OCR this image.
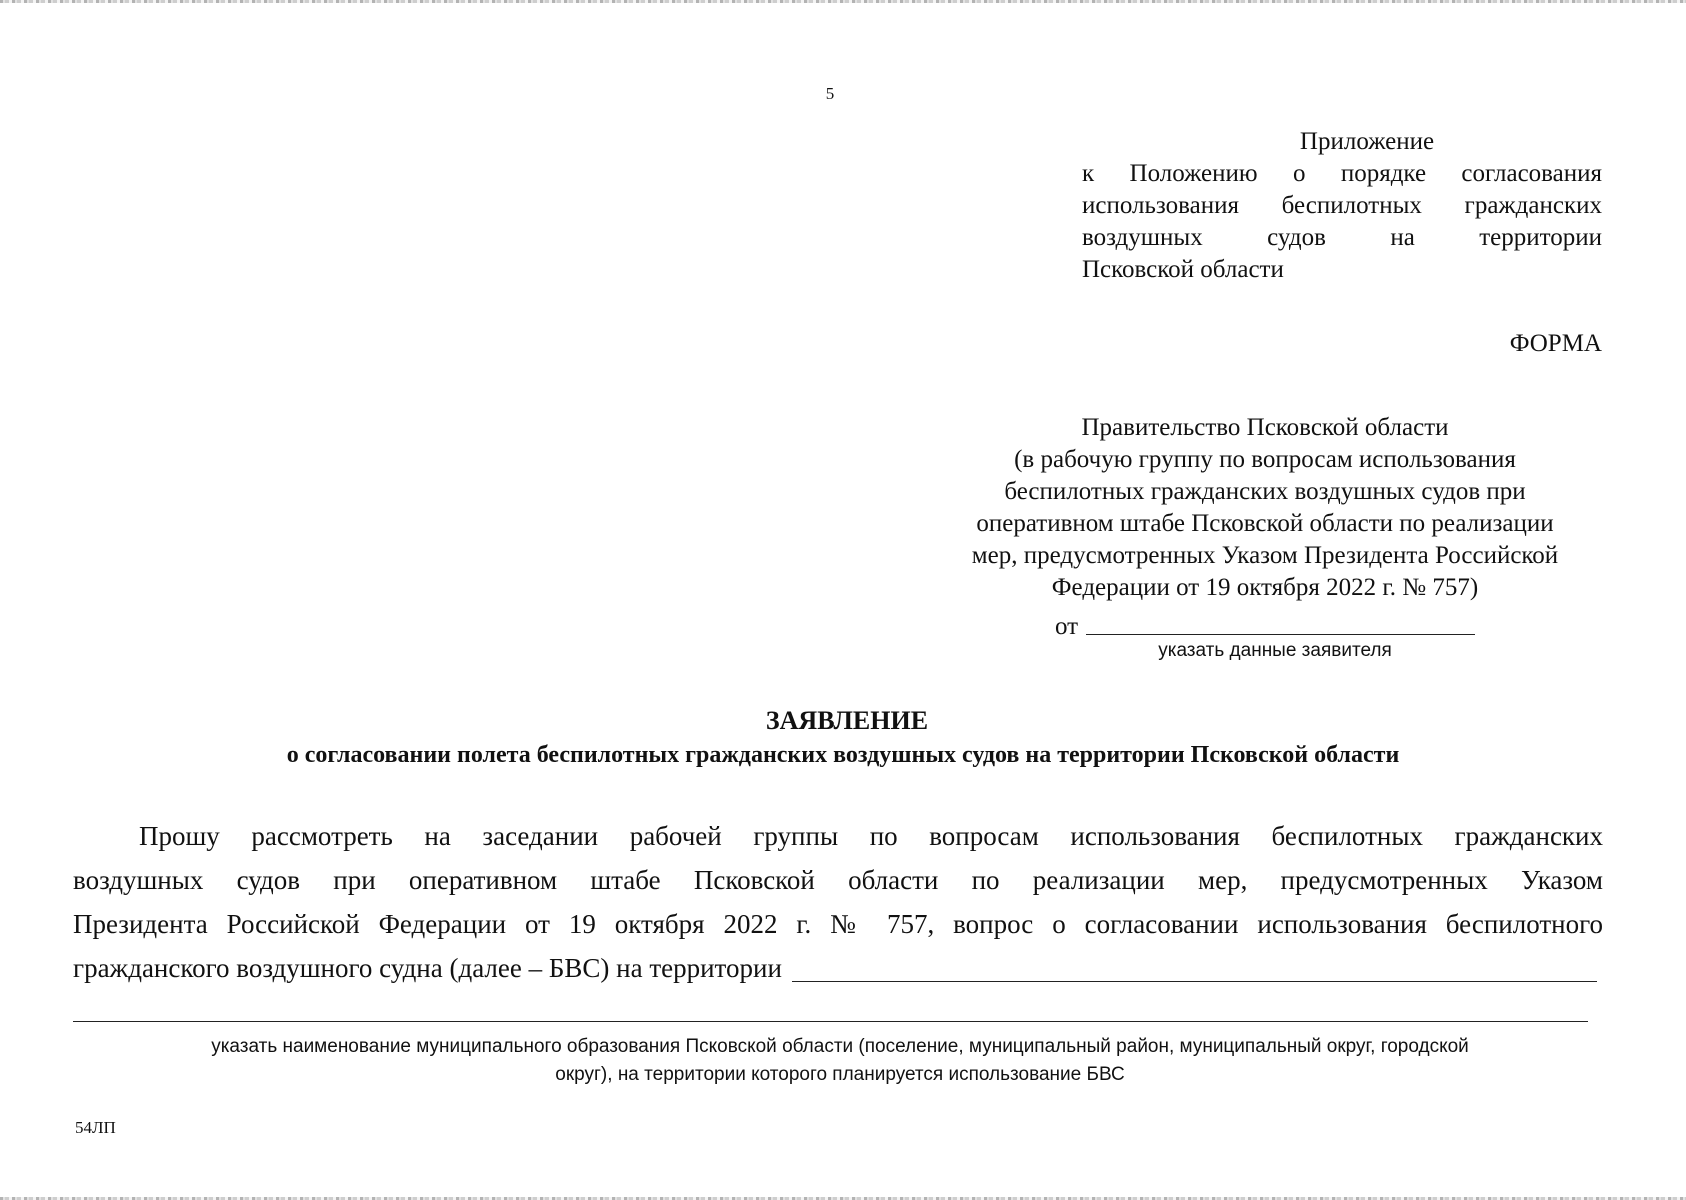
5
Приложение
к Положению о порядке согласования
использования беспилотных гражданских
воздушных судов на территории
Псковской области
ФОРМА
Правительство Псковской области
(в рабочую группу по вопросам использования
беспилотных гражданских воздушных судов при
оперативном штабе Псковской области по реализации
мер, предусмотренных Указом Президента Российской
Федерации от 19 октября 2022 г. № 757)
от
указать данные заявителя
ЗАЯВЛЕНИЕ
о согласовании полета беспилотных гражданских воздушных судов на территории Псковской области
Прошу рассмотреть на заседании рабочей группы по вопросам использования беспилотных гражданских
воздушных судов при оперативном штабе Псковской области по реализации мер, предусмотренных Указом
Президента Российской Федерации от 19 октября 2022 г. № 757, вопрос о согласовании использования беспилотного
гражданского воздушного судна (далее – БВС) на территории
указать наименование муниципального образования Псковской области (поселение, муниципальный район, муниципальный округ, городской
округ), на территории которого планируется использование БВС
54ЛП
